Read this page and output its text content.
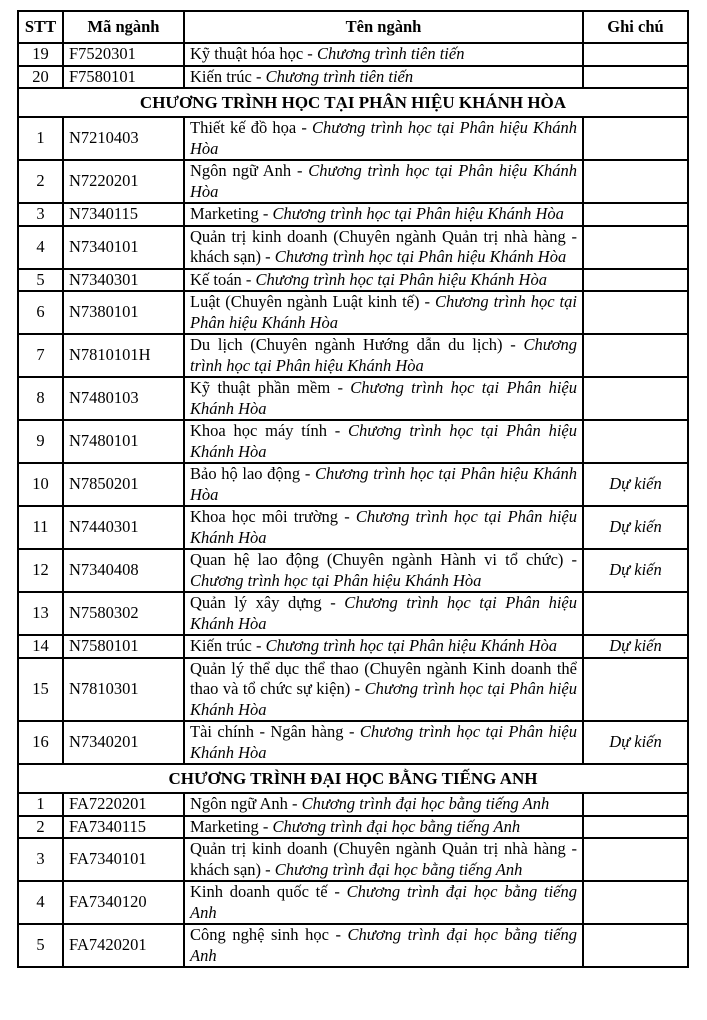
STT	Mã ngành	Tên ngành	Ghi chú
19	F7520301	Kỹ thuật hóa học - Chương trình tiên tiến	
20	F7580101	Kiến trúc - Chương trình tiên tiến	
CHƯƠNG TRÌNH HỌC TẠI PHÂN HIỆU KHÁNH HÒA			
1	N7210403	Thiết kế đồ họa - Chương trình học tại Phân hiệu Khánh Hòa	
2	N7220201	Ngôn ngữ Anh - Chương trình học tại Phân hiệu Khánh Hòa	
3	N7340115	Marketing - Chương trình học tại Phân hiệu Khánh Hòa	
4	N7340101	Quản trị kinh doanh (Chuyên ngành Quản trị nhà hàng - khách sạn) - Chương trình học tại Phân hiệu Khánh Hòa	
5	N7340301	Kế toán - Chương trình học tại Phân hiệu Khánh Hòa	
6	N7380101	Luật (Chuyên ngành Luật kinh tế) - Chương trình học tại Phân hiệu Khánh Hòa	
7	N7810101H	Du lịch (Chuyên ngành Hướng dẫn du lịch) - Chương trình học tại Phân hiệu Khánh Hòa	
8	N7480103	Kỹ thuật phần mềm - Chương trình học tại Phân hiệu Khánh Hòa	
9	N7480101	Khoa học máy tính - Chương trình học tại Phân hiệu Khánh Hòa	
10	N7850201	Bảo hộ lao động - Chương trình học tại Phân hiệu Khánh Hòa	Dự kiến
11	N7440301	Khoa học môi trường - Chương trình học tại Phân hiệu Khánh Hòa	Dự kiến
12	N7340408	Quan hệ lao động (Chuyên ngành Hành vi tổ chức) - Chương trình học tại Phân hiệu Khánh Hòa	Dự kiến
13	N7580302	Quản lý xây dựng - Chương trình học tại Phân hiệu Khánh Hòa	
14	N7580101	Kiến trúc - Chương trình học tại Phân hiệu Khánh Hòa	Dự kiến
15	N7810301	Quản lý thể dục thể thao (Chuyên ngành Kinh doanh thể thao và tổ chức sự kiện) - Chương trình học tại Phân hiệu Khánh Hòa	
16	N7340201	Tài chính - Ngân hàng - Chương trình học tại Phân hiệu Khánh Hòa	Dự kiến
CHƯƠNG TRÌNH ĐẠI HỌC BẰNG TIẾNG ANH			
1	FA7220201	Ngôn ngữ Anh - Chương trình đại học bằng tiếng Anh	
2	FA7340115	Marketing - Chương trình đại học bằng tiếng Anh	
3	FA7340101	Quản trị kinh doanh (Chuyên ngành Quản trị nhà hàng - khách sạn) - Chương trình đại học bằng tiếng Anh	
4	FA7340120	Kinh doanh quốc tế - Chương trình đại học bằng tiếng Anh	
5	FA7420201	Công nghệ sinh học - Chương trình đại học bằng tiếng Anh	
